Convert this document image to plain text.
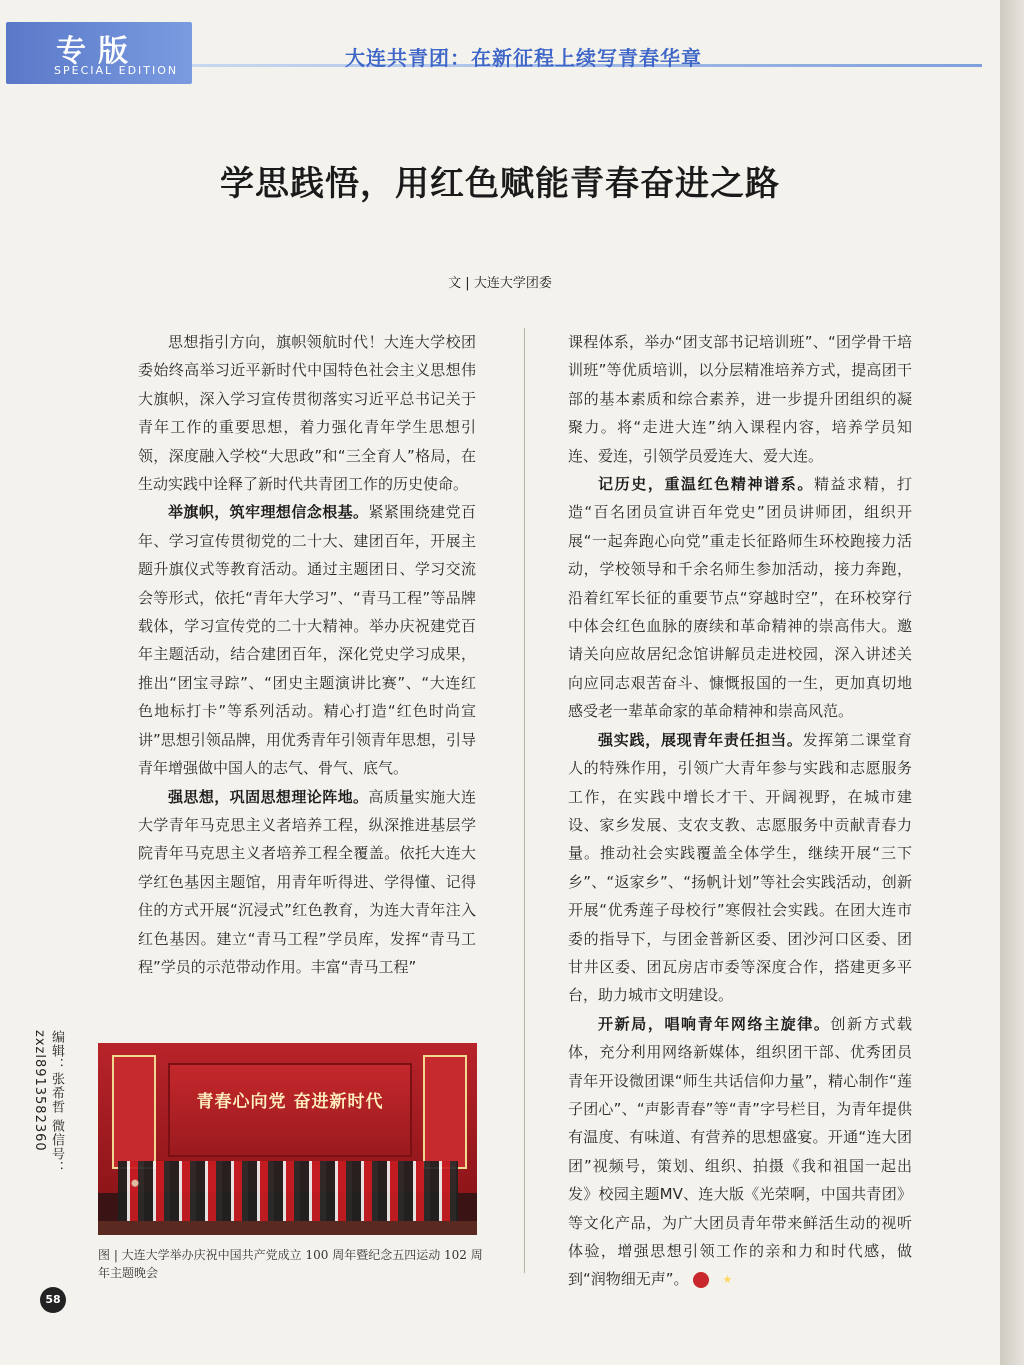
专版
SPECIAL EDITION
大连共青团：在新征程上续写青春华章
学思践悟，用红色赋能青春奋进之路
文 | 大连大学团委

思想指引方向，旗帜领航时代！大连大学校团委始终高举习近平新时代中国特色社会主义思想伟大旗帜，深入学习宣传贯彻落实习近平总书记关于青年工作的重要思想，着力强化青年学生思想引领，深度融入学校“大思政”和“三全育人”格局，在生动实践中诠释了新时代共青团工作的历史使命。

举旗帜，筑牢理想信念根基。紧紧围绕建党百年、学习宣传贯彻党的二十大、建团百年，开展主题升旗仪式等教育活动。通过主题团日、学习交流会等形式，依托“青年大学习”、“青马工程”等品牌载体，学习宣传党的二十大精神。举办庆祝建党百年主题活动，结合建团百年，深化党史学习成果，推出“团宝寻踪”、“团史主题演讲比赛”、“大连红色地标打卡”等系列活动。精心打造“红色时尚宣讲”思想引领品牌，用优秀青年引领青年思想，引导青年增强做中国人的志气、骨气、底气。

强思想，巩固思想理论阵地。高质量实施大连大学青年马克思主义者培养工程，纵深推进基层学院青年马克思主义者培养工程全覆盖。依托大连大学红色基因主题馆，用青年听得进、学得懂、记得住的方式开展“沉浸式”红色教育，为连大青年注入红色基因。建立“青马工程”学员库，发挥“青马工程”学员的示范带动作用。丰富“青马工程”

课程体系，举办“团支部书记培训班”、“团学骨干培训班”等优质培训，以分层精准培养方式，提高团干部的基本素质和综合素养，进一步提升团组织的凝聚力。将“走进大连”纳入课程内容，培养学员知连、爱连，引领学员爱连大、爱大连。

记历史，重温红色精神谱系。精益求精，打造“百名团员宣讲百年党史”团员讲师团，组织开展“一起奔跑心向党”重走长征路师生环校跑接力活动，学校领导和千余名师生参加活动，接力奔跑，沿着红军长征的重要节点“穿越时空”，在环校穿行中体会红色血脉的赓续和革命精神的崇高伟大。邀请关向应故居纪念馆讲解员走进校园，深入讲述关向应同志艰苦奋斗、慷慨报国的一生，更加真切地感受老一辈革命家的革命精神和崇高风范。

强实践，展现青年责任担当。发挥第二课堂育人的特殊作用，引领广大青年参与实践和志愿服务工作，在实践中增长才干、开阔视野，在城市建设、家乡发展、支农支教、志愿服务中贡献青春力量。推动社会实践覆盖全体学生，继续开展“三下乡”、“返家乡”、“扬帆计划”等社会实践活动，创新开展“优秀莲子母校行”寒假社会实践。在团大连市委的指导下，与团金普新区委、团沙河口区委、团甘井区委、团瓦房店市委等深度合作，搭建更多平台，助力城市文明建设。

开新局，唱响青年网络主旋律。创新方式载体，充分利用网络新媒体，组织团干部、优秀团员青年开设微团课“师生共话信仰力量”，精心制作“莲子团心”、“声影青春”等“青”字号栏目，为青年提供有温度、有味道、有营养的思想盛宴。开通“连大团团”视频号，策划、组织、拍摄《我和祖国一起出发》校园主题MV、连大版《光荣啊，中国共青团》等文化产品，为广大团员青年带来鲜活生动的视听体验，增强思想引领工作的亲和力和时代感，做到“润物细无声”。	★

青春心向党 奋进新时代
图 | 大连大学举办庆祝中国共产党成立 100 周年暨纪念五四运动 102 周年主题晚会
编辑：张希哲 微信号：zxzl8913582360
58
